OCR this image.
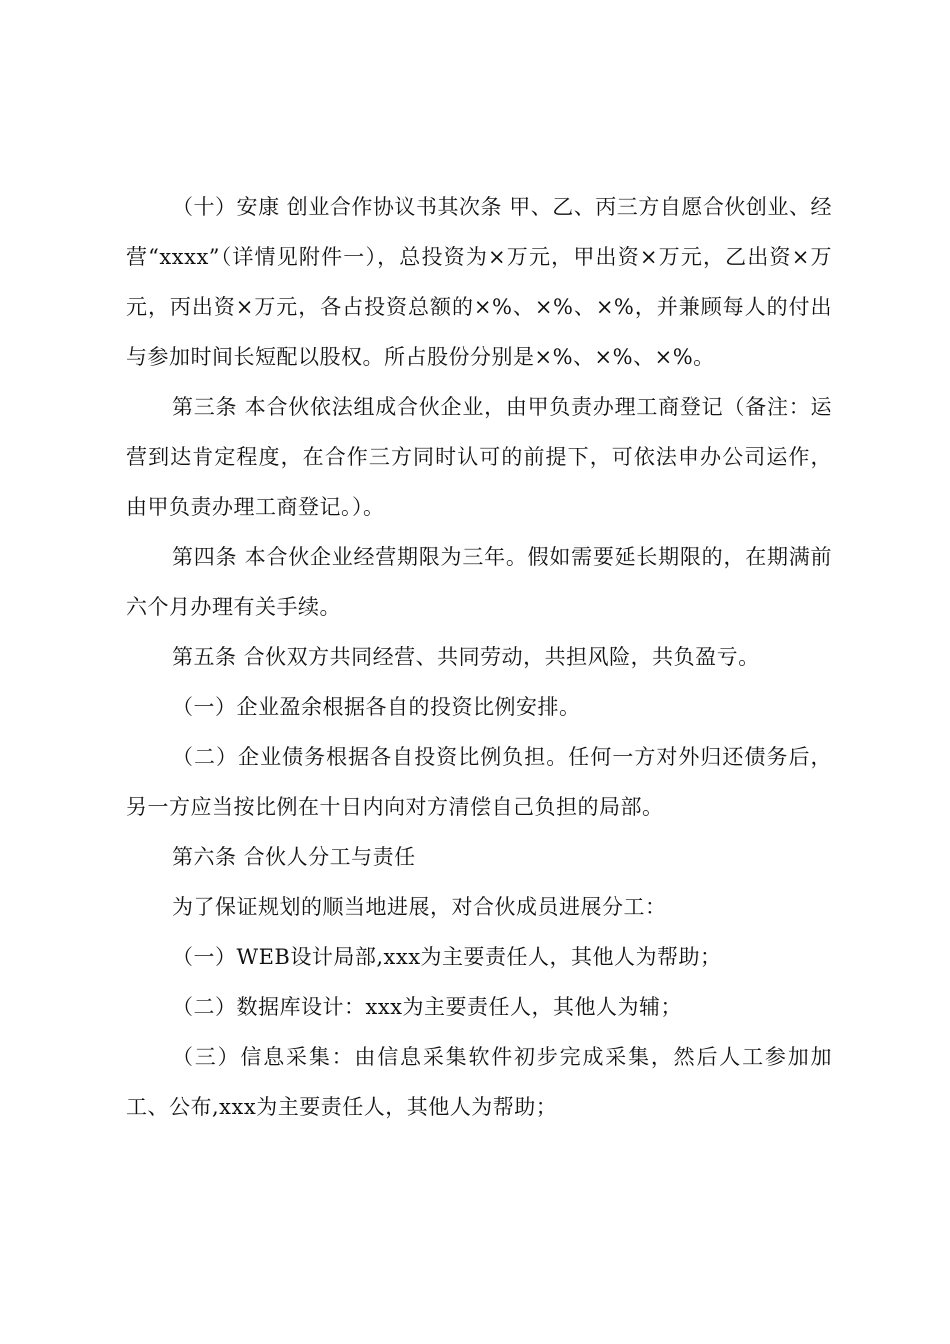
（十）安康 创业合作协议书其次条 甲、乙、丙三方自愿合伙创业、经营“xxxx”（详情见附件一），总投资为×万元，甲出资×万元，乙出资×万元，丙出资×万元，各占投资总额的×%、×%、×%，并兼顾每人的付出与参加时间长短配以股权。所占股份分别是×%、×%、×%。

第三条 本合伙依法组成合伙企业，由甲负责办理工商登记（备注：运营到达肯定程度，在合作三方同时认可的前提下，可依法申办公司运作，由甲负责办理工商登记。）。

第四条 本合伙企业经营期限为三年。假如需要延长期限的，在期满前六个月办理有关手续。

第五条 合伙双方共同经营、共同劳动，共担风险，共负盈亏。

（一）企业盈余根据各自的投资比例安排。

（二）企业债务根据各自投资比例负担。任何一方对外归还债务后，另一方应当按比例在十日内向对方清偿自己负担的局部。

第六条 合伙人分工与责任

为了保证规划的顺当地进展，对合伙成员进展分工：

（一）WEB设计局部,xxx为主要责任人，其他人为帮助；

（二）数据库设计：xxx为主要责任人，其他人为辅；

（三）信息采集：由信息采集软件初步完成采集，然后人工参加加工、公布,xxx为主要责任人，其他人为帮助；
